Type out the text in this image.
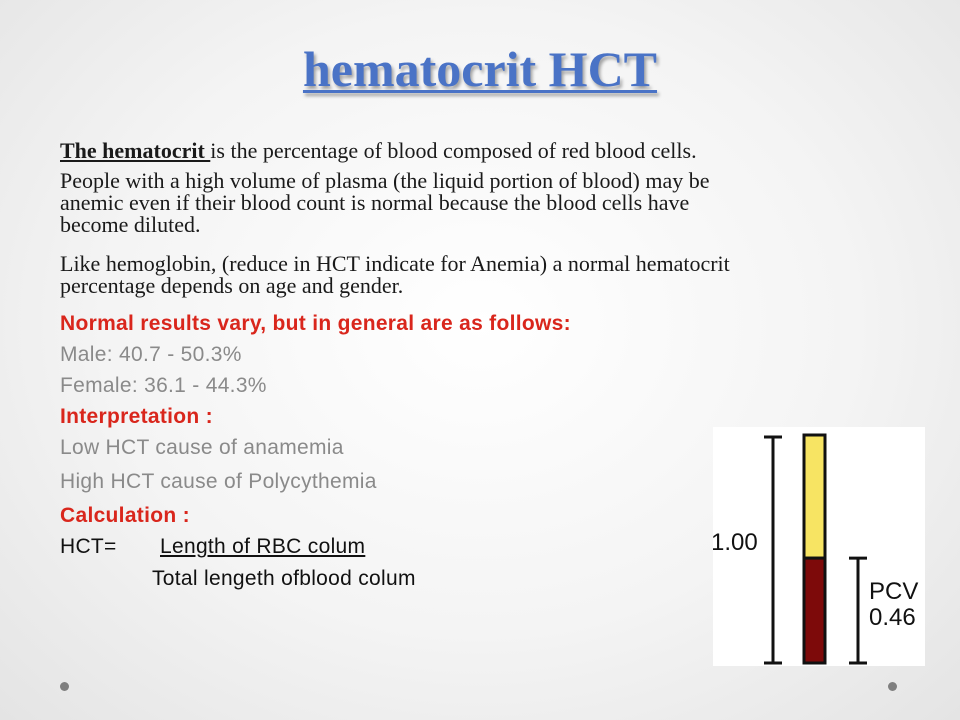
hematocrit HCT
The hematocrit is the percentage of blood composed of red blood cells.
People with a high volume of plasma (the liquid portion of blood) may be
anemic even if their blood count is normal because the blood cells have
become diluted.
Like hemoglobin, (reduce in HCT indicate for Anemia) a normal hematocrit
percentage depends on age and gender.
Normal results vary, but in general are as follows:
Male: 40.7 - 50.3%
Female: 36.1 - 44.3%
Interpretation :
Low HCT cause of anamemia
High HCT cause of Polycythemia
Calculation :
HCT= Length of RBC colum
Total lengeth ofblood colum
1.00
PCV
0.46
